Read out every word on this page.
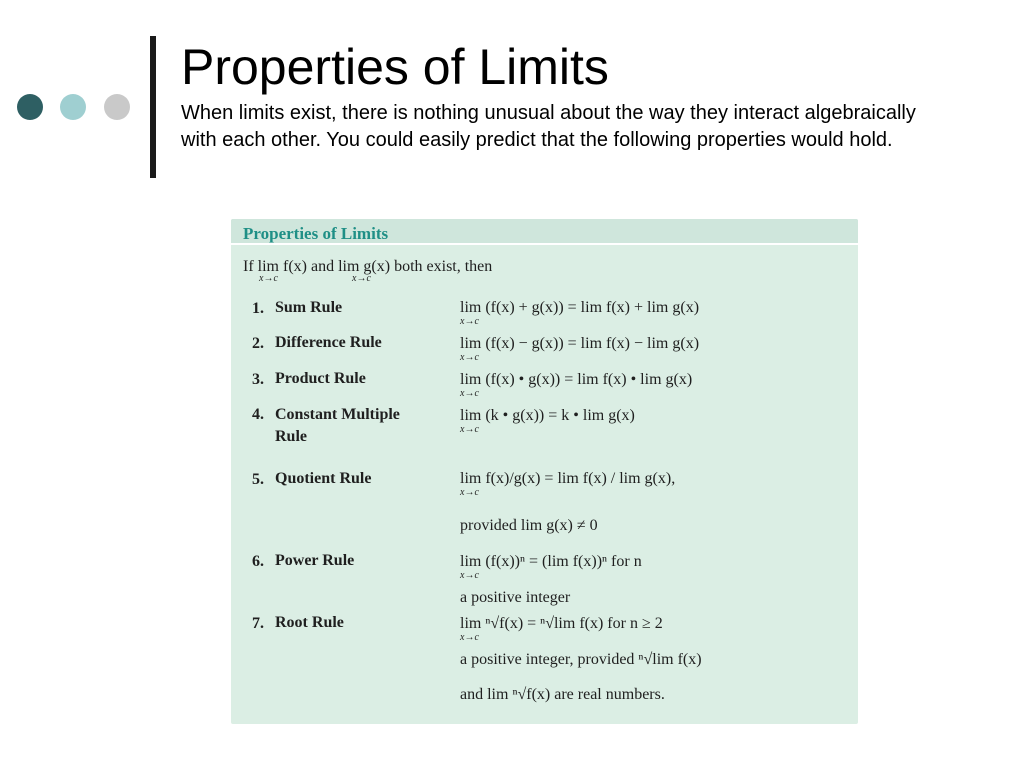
Properties of Limits

When limits exist, there is nothing unusual about the way they interact algebraically with each other. You could easily predict that the following properties would hold.

Properties of Limits
If lim f(x) and lim g(x) both exist, then
x→c	x→c
1. Sum Rule	lim (f(x) + g(x)) = lim f(x) + lim g(x)
x→c
2. Difference Rule	lim (f(x) − g(x)) = lim f(x) − lim g(x)
x→c
3. Product Rule	lim (f(x) • g(x)) = lim f(x) • lim g(x)
x→c
4. Constant Multiple Rule
lim (k • g(x)) = k • lim g(x)
x→c
5. Quotient Rule	lim f(x)/g(x) = lim f(x) / lim g(x),
x→c
provided lim g(x) ≠ 0
6. Power Rule	lim (f(x))ⁿ = (lim f(x))ⁿ for n
x→c
a positive integer
7. Root Rule	lim ⁿ√f(x) = ⁿ√lim f(x) for n ≥ 2
x→c
a positive integer, provided ⁿ√lim f(x)
and lim ⁿ√f(x) are real numbers.
